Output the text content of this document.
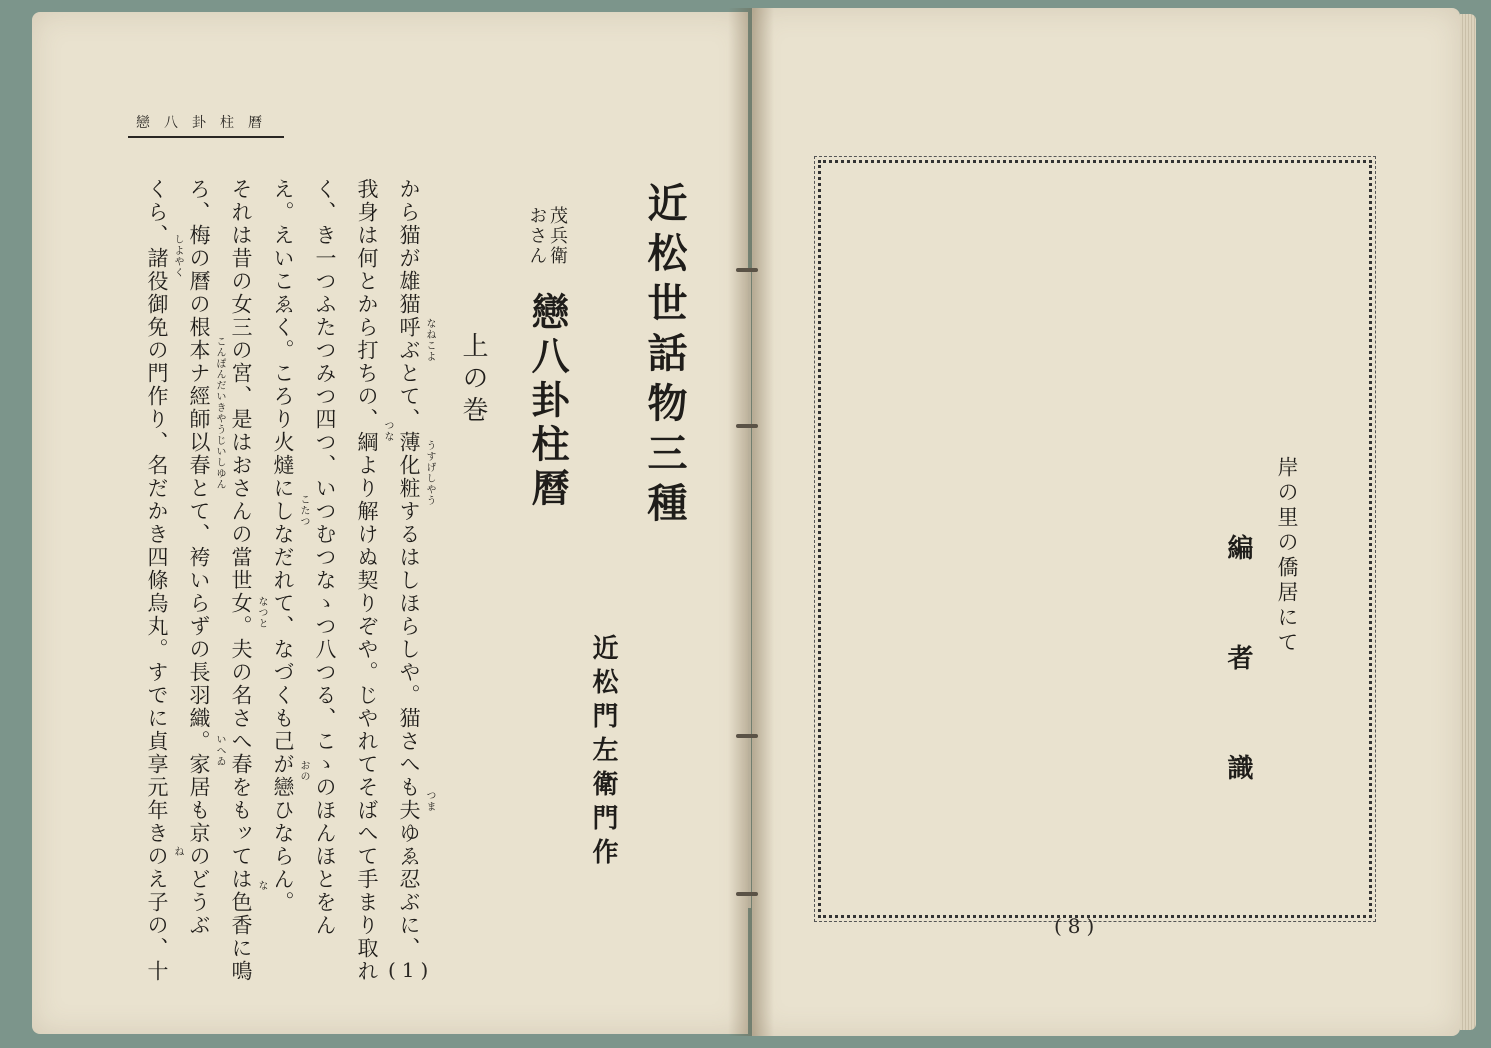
戀八卦柱曆
近松世話物三種
茂兵衛 おさん
戀八卦柱曆
上の巻
近松門左衛門作
から猫が雄猫呼ぶとて、薄化粧するはしほらしや。猫さへも夫ゆゑ忍ぶに、
我身は何とから打ちの、綱より解けぬ契りぞや。じやれてそばへて手まり取れ
く、き一つふたつみつ四つ、いつむつなゝつ八つる、こゝのほんほとをん
え。えいこゑく。ころり火燵にしなだれて、なづくも己が戀ひならん。
それは昔の女三の宮、是はおさんの當世女。夫の名さへ春をもッては色香に鳴
ろ、梅の曆の根本ナ經師以春とて、袴いらずの長羽織。家居も京のどうぶ
くら、諸役御免の門作り、名だかき四條烏丸。すでに貞享元年きのえ子の、十	なねこよ
うすげしやう
つま
つな
こたつ
おの
なつと
な
こんぽんだいきやうじいしゆん
いへゐ
しよやく
ね
(1)
岸の里の僑居にて
編者識
(8)
